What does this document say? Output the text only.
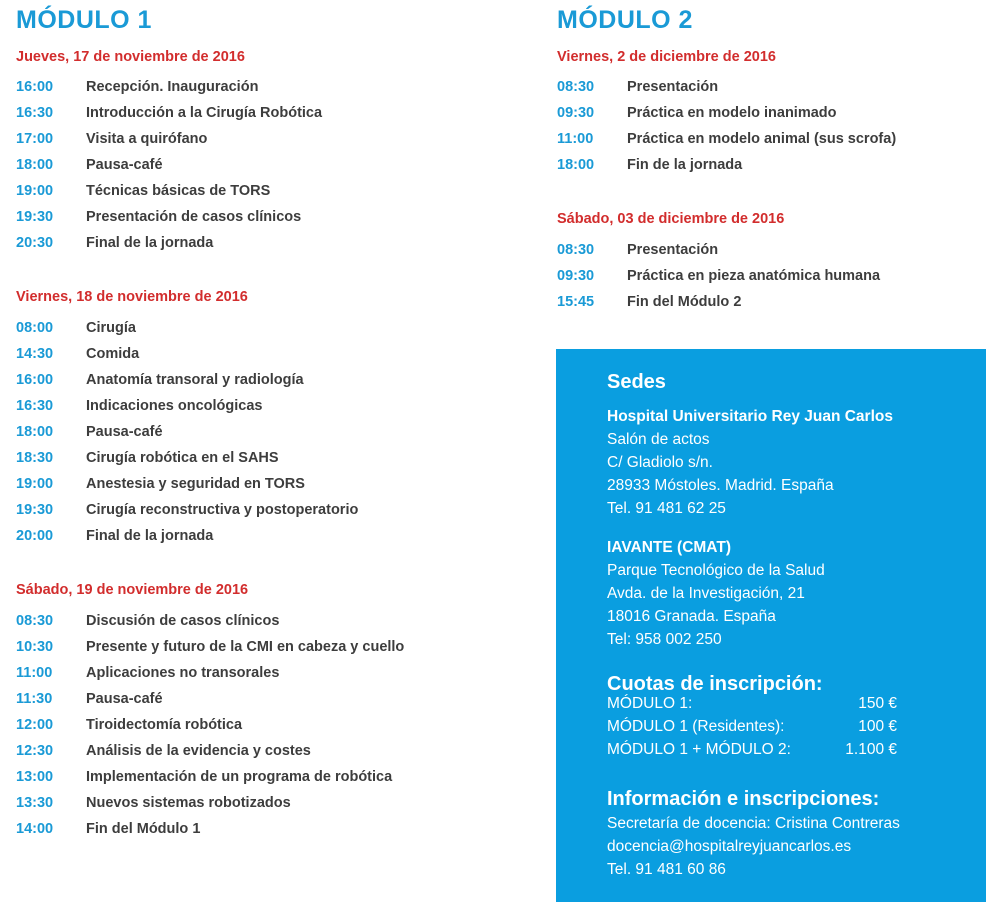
MÓDULO 1
Jueves, 17 de noviembre de 2016
16:00	Recepción. Inauguración
16:30	Introducción a la Cirugía Robótica
17:00	Visita a quirófano
18:00	Pausa-café
19:00	Técnicas básicas de TORS
19:30	Presentación de casos clínicos
20:30	Final de la jornada
Viernes, 18 de noviembre de 2016
08:00	Cirugía
14:30	Comida
16:00	Anatomía transoral y radiología
16:30	Indicaciones oncológicas
18:00	Pausa-café
18:30	Cirugía robótica en el SAHS
19:00	Anestesia y seguridad en TORS
19:30	Cirugía reconstructiva y postoperatorio
20:00	Final de la jornada
Sábado, 19 de noviembre de 2016
08:30	Discusión de casos clínicos
10:30	Presente y futuro de la CMI en cabeza y cuello
11:00	Aplicaciones no transorales
11:30	Pausa-café
12:00	Tiroidectomía robótica
12:30	Análisis de la evidencia y costes
13:00	Implementación de un programa de robótica
13:30	Nuevos sistemas robotizados
14:00	Fin del Módulo 1
MÓDULO 2
Viernes, 2 de diciembre de 2016
08:30	Presentación
09:30	Práctica en modelo inanimado
11:00	Práctica en modelo animal (sus scrofa)
18:00	Fin de la jornada
Sábado, 03 de diciembre de 2016
08:30	Presentación
09:30	Práctica en pieza anatómica humana
15:45	Fin del Módulo 2
Sedes
Hospital Universitario Rey Juan Carlos
Salón de actos
C/ Gladiolo s/n.
28933 Móstoles. Madrid. España
Tel. 91 481 62 25
IAVANTE (CMAT)
Parque Tecnológico de la Salud
Avda. de la Investigación, 21
18016 Granada. España
Tel: 958 002 250
Cuotas de inscripción:
MÓDULO 1:	150 €
MÓDULO 1 (Residentes):	100 €
MÓDULO 1 + MÓDULO 2:	1.100 €
Información e inscripciones:
Secretaría de docencia: Cristina Contreras
docencia@hospitalreyjuancarlos.es
Tel. 91 481 60 86
